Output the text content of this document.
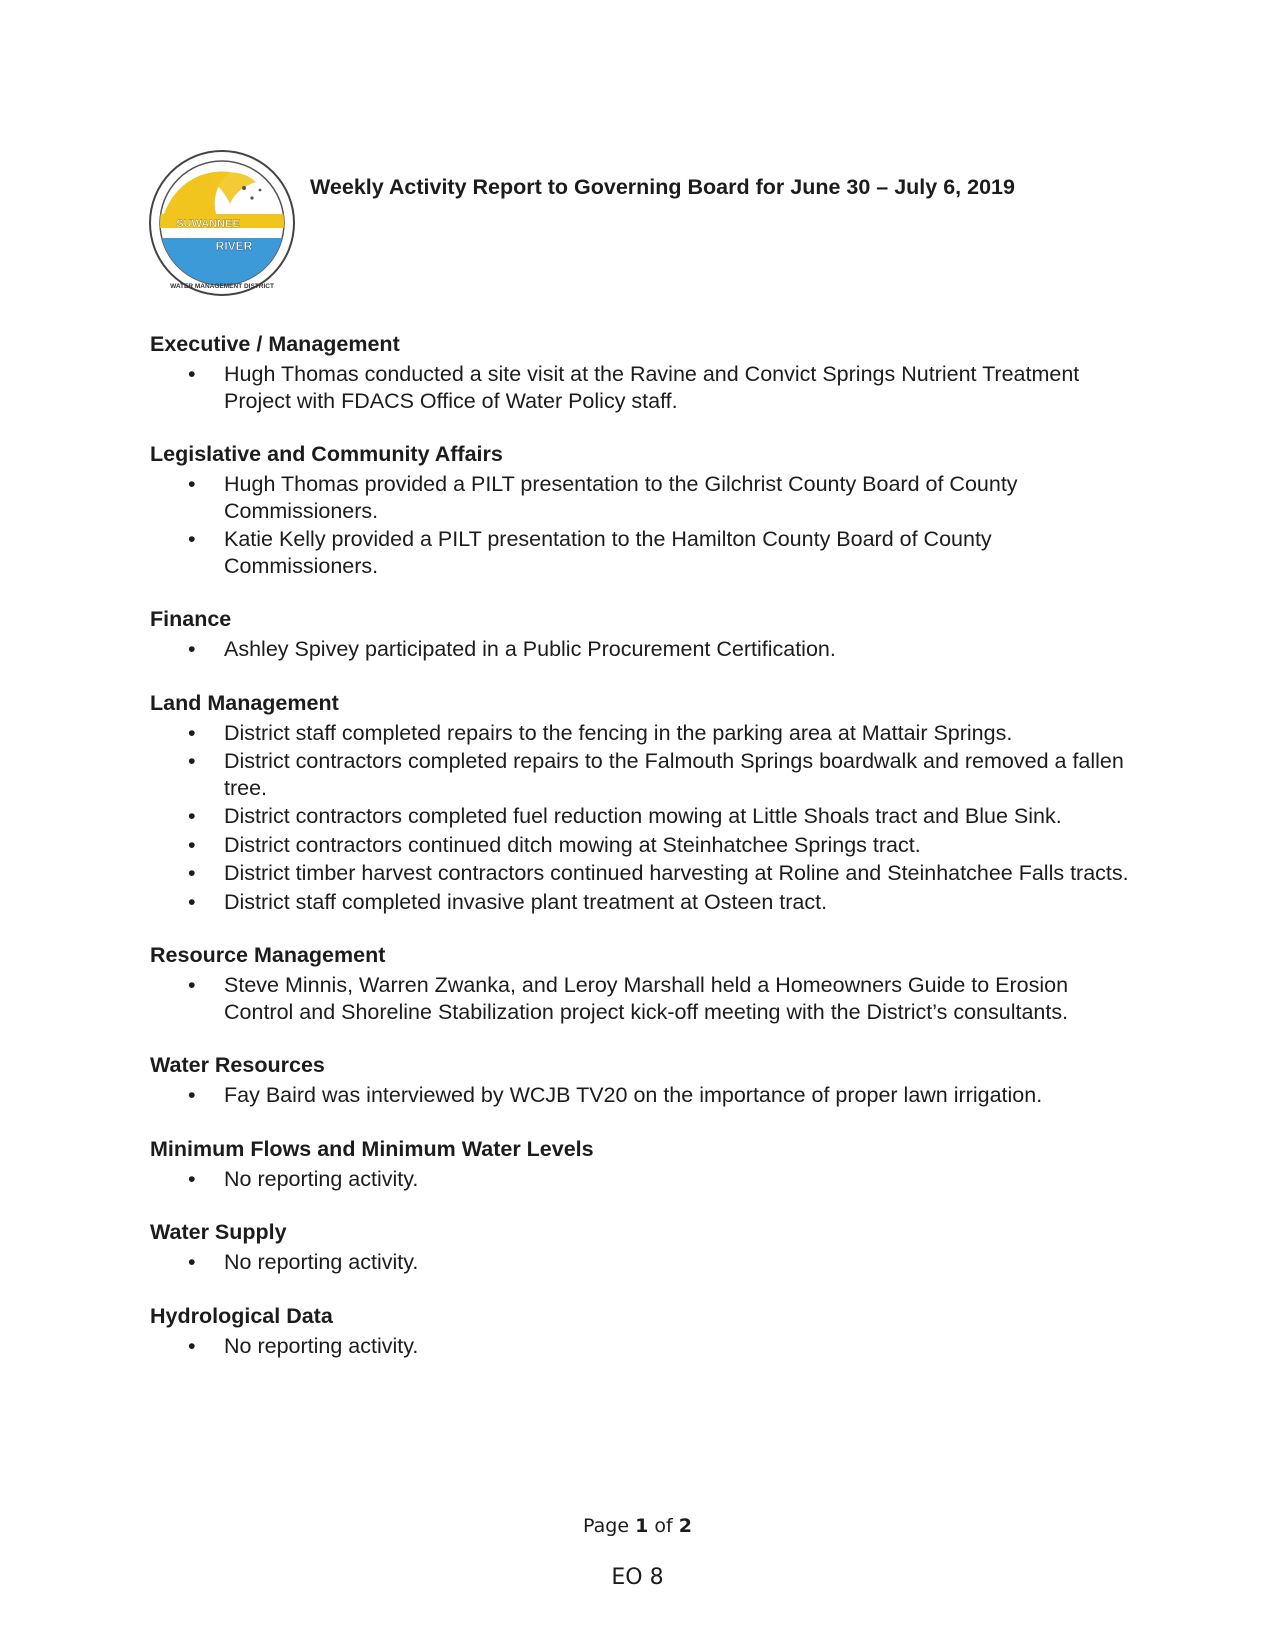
SUWANNEE
RIVER
WATER MANAGEMENT DISTRICT
Weekly Activity Report to Governing Board for June 30 – July 6, 2019
Executive / Management
• Hugh Thomas conducted a site visit at the Ravine and Convict Springs Nutrient Treatment Project with FDACS Office of Water Policy staff.
Legislative and Community Affairs
• Hugh Thomas provided a PILT presentation to the Gilchrist County Board of County Commissioners.
• Katie Kelly provided a PILT presentation to the Hamilton County Board of County Commissioners.
Finance
• Ashley Spivey participated in a Public Procurement Certification.
Land Management
• District staff completed repairs to the fencing in the parking area at Mattair Springs.
• District contractors completed repairs to the Falmouth Springs boardwalk and removed a fallen tree.
• District contractors completed fuel reduction mowing at Little Shoals tract and Blue Sink.
• District contractors continued ditch mowing at Steinhatchee Springs tract.
• District timber harvest contractors continued harvesting at Roline and Steinhatchee Falls tracts.
• District staff completed invasive plant treatment at Osteen tract.
Resource Management
• Steve Minnis, Warren Zwanka, and Leroy Marshall held a Homeowners Guide to Erosion Control and Shoreline Stabilization project kick-off meeting with the District’s consultants.
Water Resources
• Fay Baird was interviewed by WCJB TV20 on the importance of proper lawn irrigation.
Minimum Flows and Minimum Water Levels
• No reporting activity.
Water Supply
• No reporting activity.
Hydrological Data
• No reporting activity.
Page 1 of 2
EO 8
